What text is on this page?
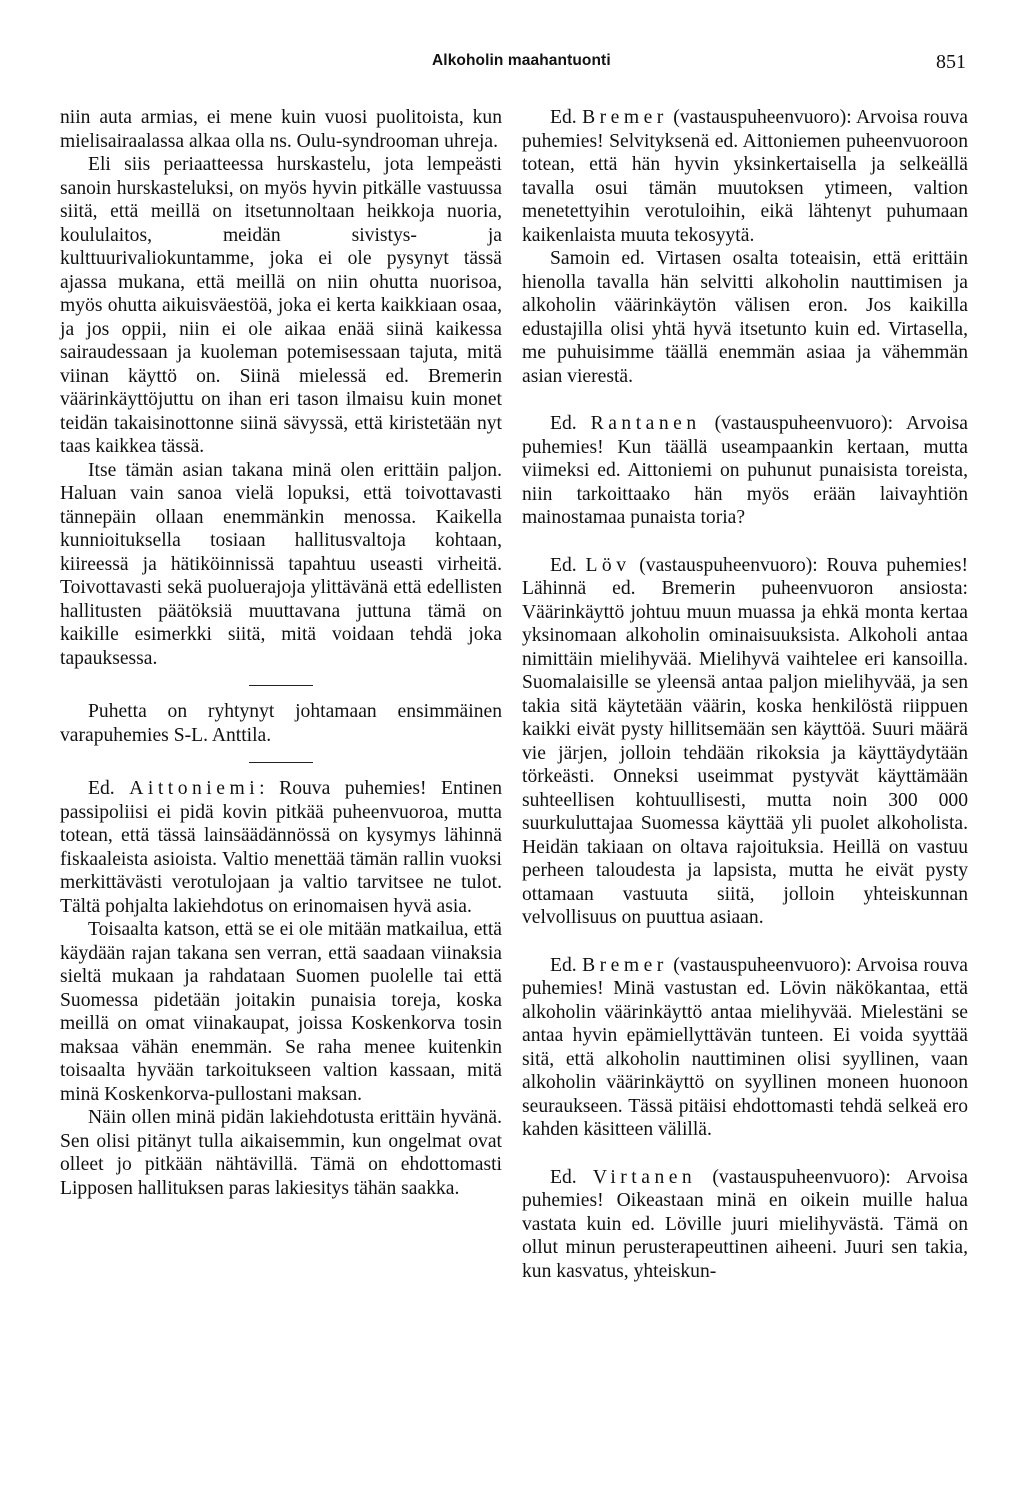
Alkoholin maahantuonti	851

niin auta armias, ei mene kuin vuosi puolitoista, kun mielisairaalassa alkaa olla ns. Oulu-syndrooman uhreja.

Eli siis periaatteessa hurskastelu, jota lempeästi sanoin hurskasteluksi, on myös hyvin pitkälle vastuussa siitä, että meillä on itsetunnoltaan heikkoja nuoria, koululaitos, meidän sivistys- ja kulttuurivaliokuntamme, joka ei ole pysynyt tässä ajassa mukana, että meillä on niin ohutta nuorisoa, myös ohutta aikuisväestöä, joka ei kerta kaikkiaan osaa, ja jos oppii, niin ei ole aikaa enää siinä kaikessa sairaudessaan ja kuoleman potemisessaan tajuta, mitä viinan käyttö on. Siinä mielessä ed. Bremerin väärinkäyttöjuttu on ihan eri tason ilmaisu kuin monet teidän takaisinottonne siinä sävyssä, että kiristetään nyt taas kaikkea tässä.

Itse tämän asian takana minä olen erittäin paljon. Haluan vain sanoa vielä lopuksi, että toivottavasti tännepäin ollaan enemmänkin menossa. Kaikella kunnioituksella tosiaan hallitusvaltoja kohtaan, kiireessä ja hätiköinnissä tapahtuu useasti virheitä. Toivottavasti sekä puoluerajoja ylittävänä että edellisten hallitusten päätöksiä muuttavana juttuna tämä on kaikille esimerkki siitä, mitä voidaan tehdä joka tapauksessa.

Puhetta on ryhtynyt johtamaan ensimmäinen varapuhemies S-L. Anttila.

Ed. Aittoniemi: Rouva puhemies! Entinen passipoliisi ei pidä kovin pitkää puheenvuoroa, mutta totean, että tässä lainsäädännössä on kysymys lähinnä fiskaaleista asioista. Valtio menettää tämän rallin vuoksi merkittävästi verotulojaan ja valtio tarvitsee ne tulot. Tältä pohjalta lakiehdotus on erinomaisen hyvä asia.

Toisaalta katson, että se ei ole mitään matkailua, että käydään rajan takana sen verran, että saadaan viinaksia sieltä mukaan ja rahdataan Suomen puolelle tai että Suomessa pidetään joitakin punaisia toreja, koska meillä on omat viinakaupat, joissa Koskenkorva tosin maksaa vähän enemmän. Se raha menee kuitenkin toisaalta hyvään tarkoitukseen valtion kassaan, mitä minä Koskenkorva-pullostani maksan.

Näin ollen minä pidän lakiehdotusta erittäin hyvänä. Sen olisi pitänyt tulla aikaisemmin, kun ongelmat ovat olleet jo pitkään nähtävillä. Tämä on ehdottomasti Lipposen hallituksen paras lakiesitys tähän saakka.

Ed. Bremer (vastauspuheenvuoro): Arvoisa rouva puhemies! Selvityksenä ed. Aittoniemen puheenvuoroon totean, että hän hyvin yksinkertaisella ja selkeällä tavalla osui tämän muutoksen ytimeen, valtion menetettyihin verotuloihin, eikä lähtenyt puhumaan kaikenlaista muuta tekosyytä.

Samoin ed. Virtasen osalta toteaisin, että erittäin hienolla tavalla hän selvitti alkoholin nauttimisen ja alkoholin väärinkäytön välisen eron. Jos kaikilla edustajilla olisi yhtä hyvä itsetunto kuin ed. Virtasella, me puhuisimme täällä enemmän asiaa ja vähemmän asian vierestä.

Ed. Rantanen (vastauspuheenvuoro): Arvoisa puhemies! Kun täällä useampaankin kertaan, mutta viimeksi ed. Aittoniemi on puhunut punaisista toreista, niin tarkoittaako hän myös erään laivayhtiön mainostamaa punaista toria?

Ed. Löv (vastauspuheenvuoro): Rouva puhemies! Lähinnä ed. Bremerin puheenvuoron ansiosta: Väärinkäyttö johtuu muun muassa ja ehkä monta kertaa yksinomaan alkoholin ominaisuuksista. Alkoholi antaa nimittäin mielihyvää. Mielihyvä vaihtelee eri kansoilla. Suomalaisille se yleensä antaa paljon mielihyvää, ja sen takia sitä käytetään väärin, koska henkilöstä riippuen kaikki eivät pysty hillitsemään sen käyttöä. Suuri määrä vie järjen, jolloin tehdään rikoksia ja käyttäydytään törkeästi. Onneksi useimmat pystyvät käyttämään suhteellisen kohtuullisesti, mutta noin 300 000 suurkuluttajaa Suomessa käyttää yli puolet alkoholista. Heidän takiaan on oltava rajoituksia. Heillä on vastuu perheen taloudesta ja lapsista, mutta he eivät pysty ottamaan vastuuta siitä, jolloin yhteiskunnan velvollisuus on puuttua asiaan.

Ed. Bremer (vastauspuheenvuoro): Arvoisa rouva puhemies! Minä vastustan ed. Lövin näkökantaa, että alkoholin väärinkäyttö antaa mielihyvää. Mielestäni se antaa hyvin epämiellyttävän tunteen. Ei voida syyttää sitä, että alkoholin nauttiminen olisi syyllinen, vaan alkoholin väärinkäyttö on syyllinen moneen huonoon seuraukseen. Tässä pitäisi ehdottomasti tehdä selkeä ero kahden käsitteen välillä.

Ed. Virtanen (vastauspuheenvuoro): Arvoisa puhemies! Oikeastaan minä en oikein muille halua vastata kuin ed. Löville juuri mielihyvästä. Tämä on ollut minun perusterapeuttinen aiheeni. Juuri sen takia, kun kasvatus, yhteiskun-
